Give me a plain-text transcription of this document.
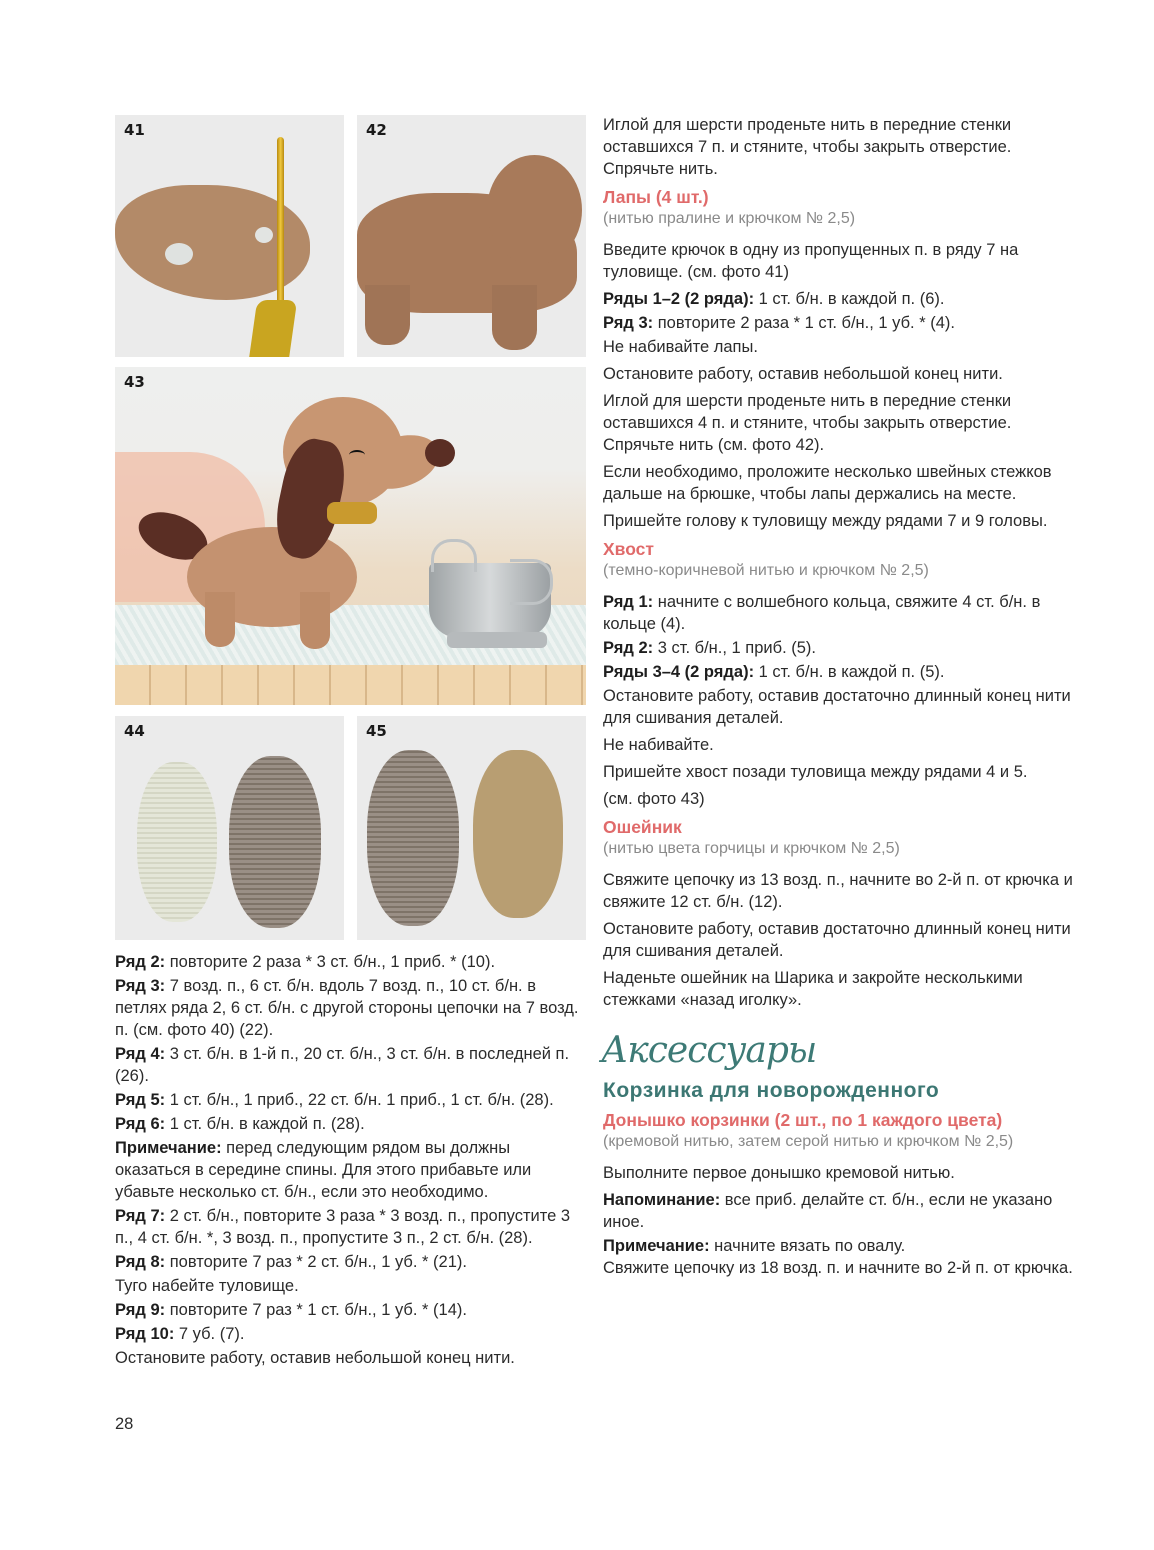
41	42
43
44	45

Ряд 2: повторите 2 раза * 3 ст. б/н., 1 приб. * (10).

Ряд 3: 7 возд. п., 6 ст. б/н. вдоль 7 возд. п., 10 ст. б/н. в петлях ряда 2, 6 ст. б/н. с другой стороны цепочки на 7 возд. п. (см. фото 40) (22).

Ряд 4: 3 ст. б/н. в 1-й п., 20 ст. б/н., 3 ст. б/н. в последней п. (26).

Ряд 5: 1 ст. б/н., 1 приб., 22 ст. б/н. 1 приб., 1 ст. б/н. (28).

Ряд 6: 1 ст. б/н. в каждой п. (28).

Примечание: перед следующим рядом вы должны оказаться в середине спины. Для этого прибавьте или убавьте несколько ст. б/н., если это необходимо.

Ряд 7: 2 ст. б/н., повторите 3 раза * 3 возд. п., пропустите 3 п., 4 ст. б/н. *, 3 возд. п., пропустите 3 п., 2 ст. б/н. (28).

Ряд 8: повторите 7 раз * 2 ст. б/н., 1 уб. * (21).

Туго набейте туловище.

Ряд 9: повторите 7 раз * 1 ст. б/н., 1 уб. * (14).

Ряд 10: 7 уб. (7).

Остановите работу, оставив небольшой конец нити.

Иглой для шерсти проденьте нить в передние стенки оставшихся 7 п. и стяните, чтобы закрыть отверстие. Спрячьте нить.

Лапы (4 шт.)
(нитью пралине и крючком № 2,5)

Введите крючок в одну из пропущенных п. в ряду 7 на туловище. (см. фото 41)

Ряды 1–2 (2 ряда): 1 ст. б/н. в каждой п. (6).

Ряд 3: повторите 2 раза * 1 ст. б/н., 1 уб. * (4).

Не набивайте лапы.

Остановите работу, оставив небольшой конец нити.

Иглой для шерсти проденьте нить в передние стенки оставшихся 4 п. и стяните, чтобы закрыть отверстие. Спрячьте нить (см. фото 42).

Если необходимо, проложите несколько швейных стежков дальше на брюшке, чтобы лапы держались на месте.

Пришейте голову к туловищу между рядами 7 и 9 головы.

Хвост
(темно-коричневой нитью и крючком № 2,5)

Ряд 1: начните с волшебного кольца, свяжите 4 ст. б/н. в кольце (4).

Ряд 2: 3 ст. б/н., 1 приб. (5).

Ряды 3–4 (2 ряда): 1 ст. б/н. в каждой п. (5).

Остановите работу, оставив достаточно длинный конец нити для сшивания деталей.

Не набивайте.

Пришейте хвост позади туловища между рядами 4 и 5.

(см. фото 43)

Ошейник
(нитью цвета горчицы и крючком № 2,5)

Свяжите цепочку из 13 возд. п., начните во 2-й п. от крючка и свяжите 12 ст. б/н. (12).

Остановите работу, оставив достаточно длинный конец нити для сшивания деталей.

Наденьте ошейник на Шарика и закройте несколькими стежками «назад иголку».

Аксессуары
Корзинка для новорожденного
Донышко корзинки (2 шт., по 1 каждого цвета)
(кремовой нитью, затем серой нитью и крючком № 2,5)

Выполните первое донышко кремовой нитью.

Напоминание: все приб. делайте ст. б/н., если не указано иное.

Примечание: начните вязать по овалу.

Свяжите цепочку из 18 возд. п. и начните во 2-й п. от крючка.

28
